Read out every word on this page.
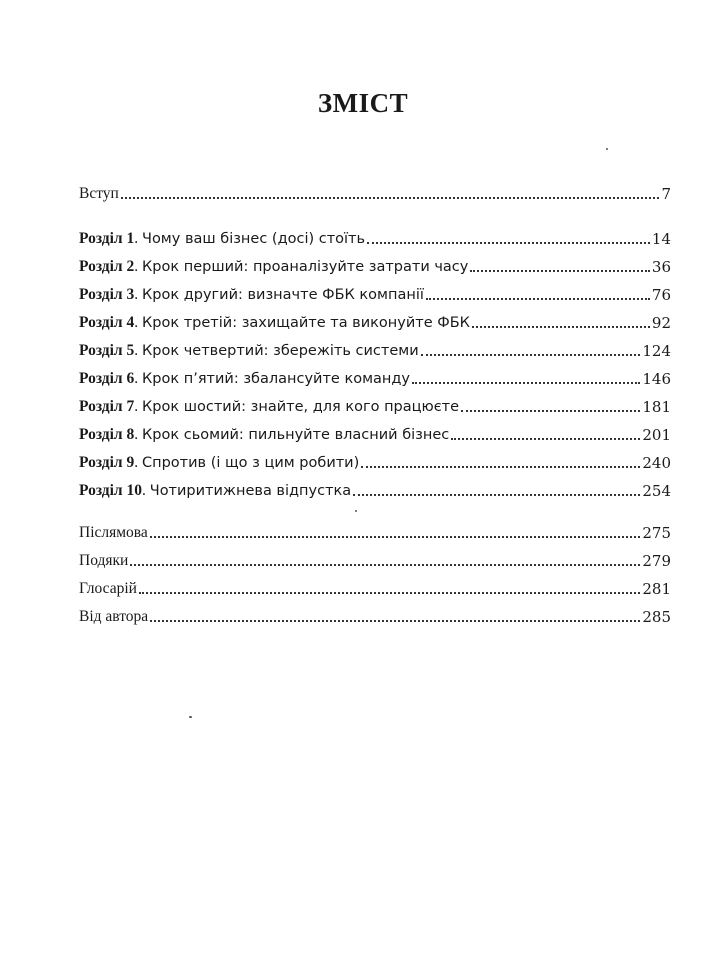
ЗМІСТ
Вступ	7
Розділ 1. Чому ваш бізнес (досі) стоїть	14
Розділ 2. Крок перший: проаналізуйте затрати часу	36
Розділ 3. Крок другий: визначте ФБК компанії	76
Розділ 4. Крок третій: захищайте та виконуйте ФБК	92
Розділ 5. Крок четвертий: збережіть системи	124
Розділ 6. Крок п’ятий: збалансуйте команду	146
Розділ 7. Крок шостий: знайте, для кого працюєте	181
Розділ 8. Крок сьомий: пильнуйте власний бізнес	201
Розділ 9. Спротив (і що з цим робити)	240
Розділ 10. Чотиритижнева відпустка	254
Післямова	275
Подяки	279
Глосарій	281
Від автора	285
